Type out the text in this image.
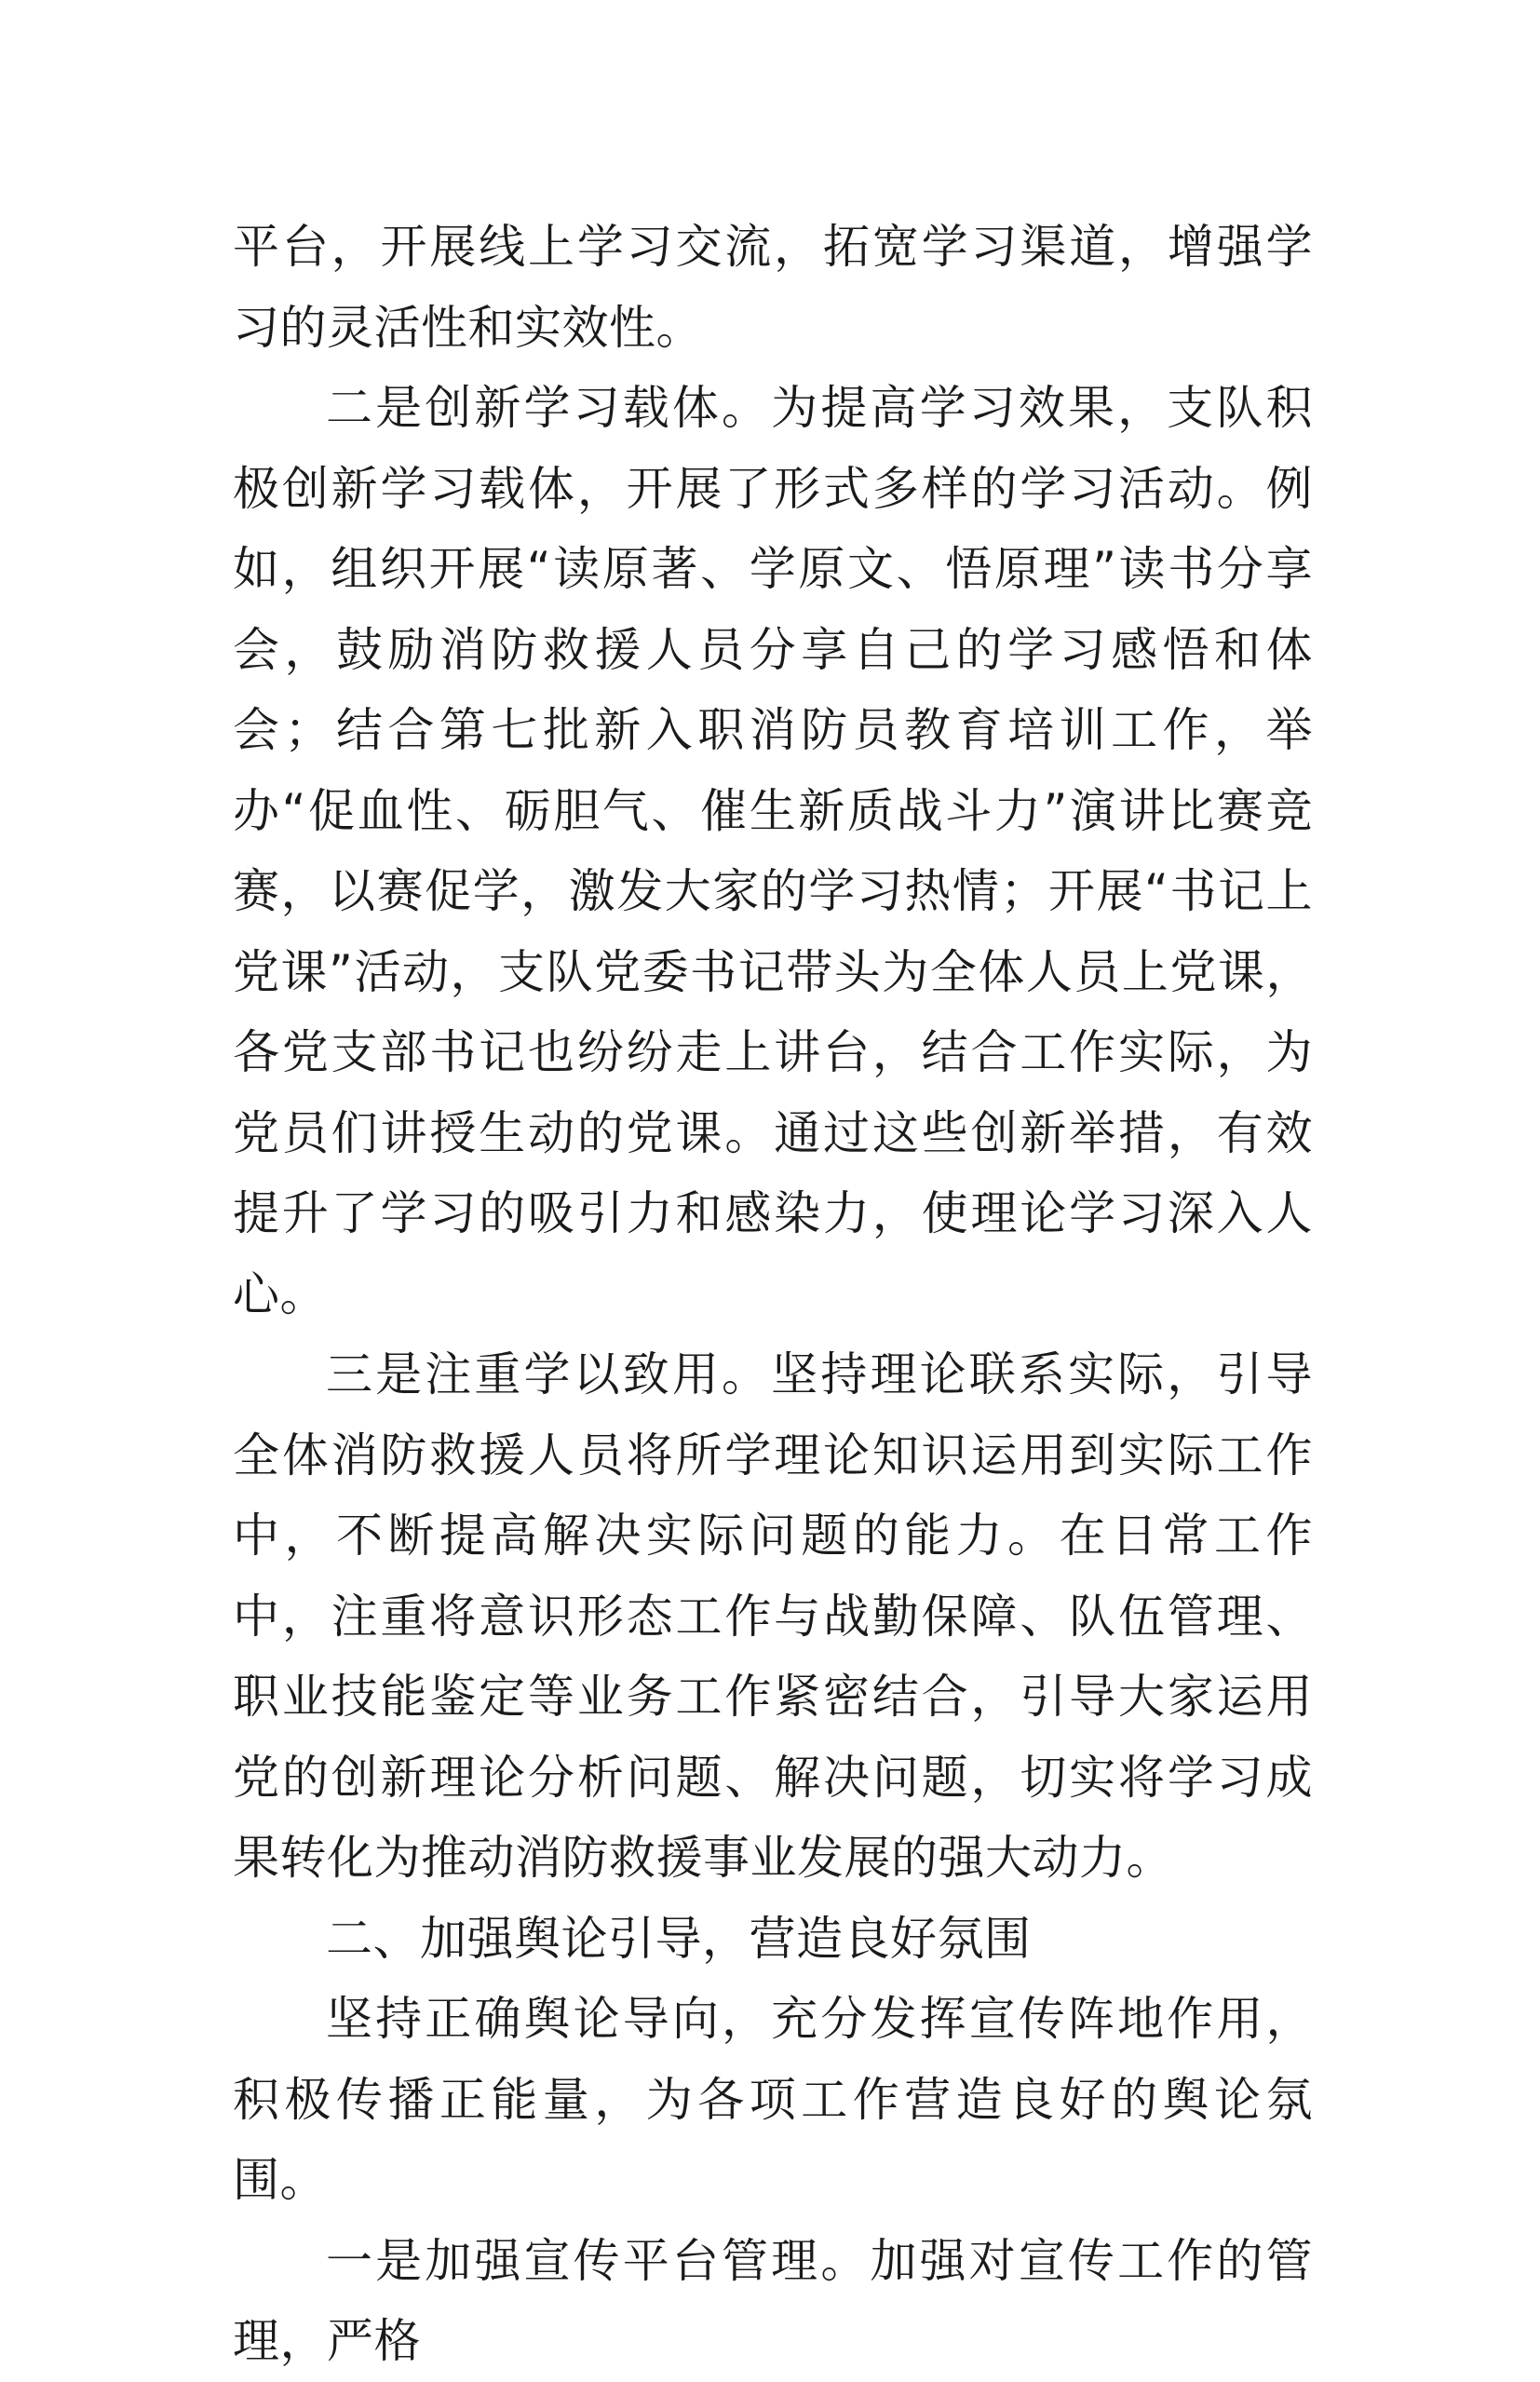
平台，开展线上学习交流，拓宽学习渠道，增强学习的灵活性和实效性。

二是创新学习载体。为提高学习效果，支队积极创新学习载体，开展了形式多样的学习活动。例如，组织开展“读原著、学原文、悟原理”读书分享会，鼓励消防救援人员分享自己的学习感悟和体会；结合第七批新入职消防员教育培训工作，举办“促血性、砺胆气、催生新质战斗力”演讲比赛竞赛，以赛促学，激发大家的学习热情；开展“书记上党课”活动，支队党委书记带头为全体人员上党课，各党支部书记也纷纷走上讲台，结合工作实际，为党员们讲授生动的党课。通过这些创新举措，有效提升了学习的吸引力和感染力，使理论学习深入人心。

三是注重学以致用。坚持理论联系实际，引导全体消防救援人员将所学理论知识运用到实际工作中，不断提高解决实际问题的能力。在日常工作中，注重将意识形态工作与战勤保障、队伍管理、职业技能鉴定等业务工作紧密结合，引导大家运用党的创新理论分析问题、解决问题，切实将学习成果转化为推动消防救援事业发展的强大动力。

二、加强舆论引导，营造良好氛围

坚持正确舆论导向，充分发挥宣传阵地作用，积极传播正能量，为各项工作营造良好的舆论氛围。

一是加强宣传平台管理。加强对宣传工作的管理，严格
